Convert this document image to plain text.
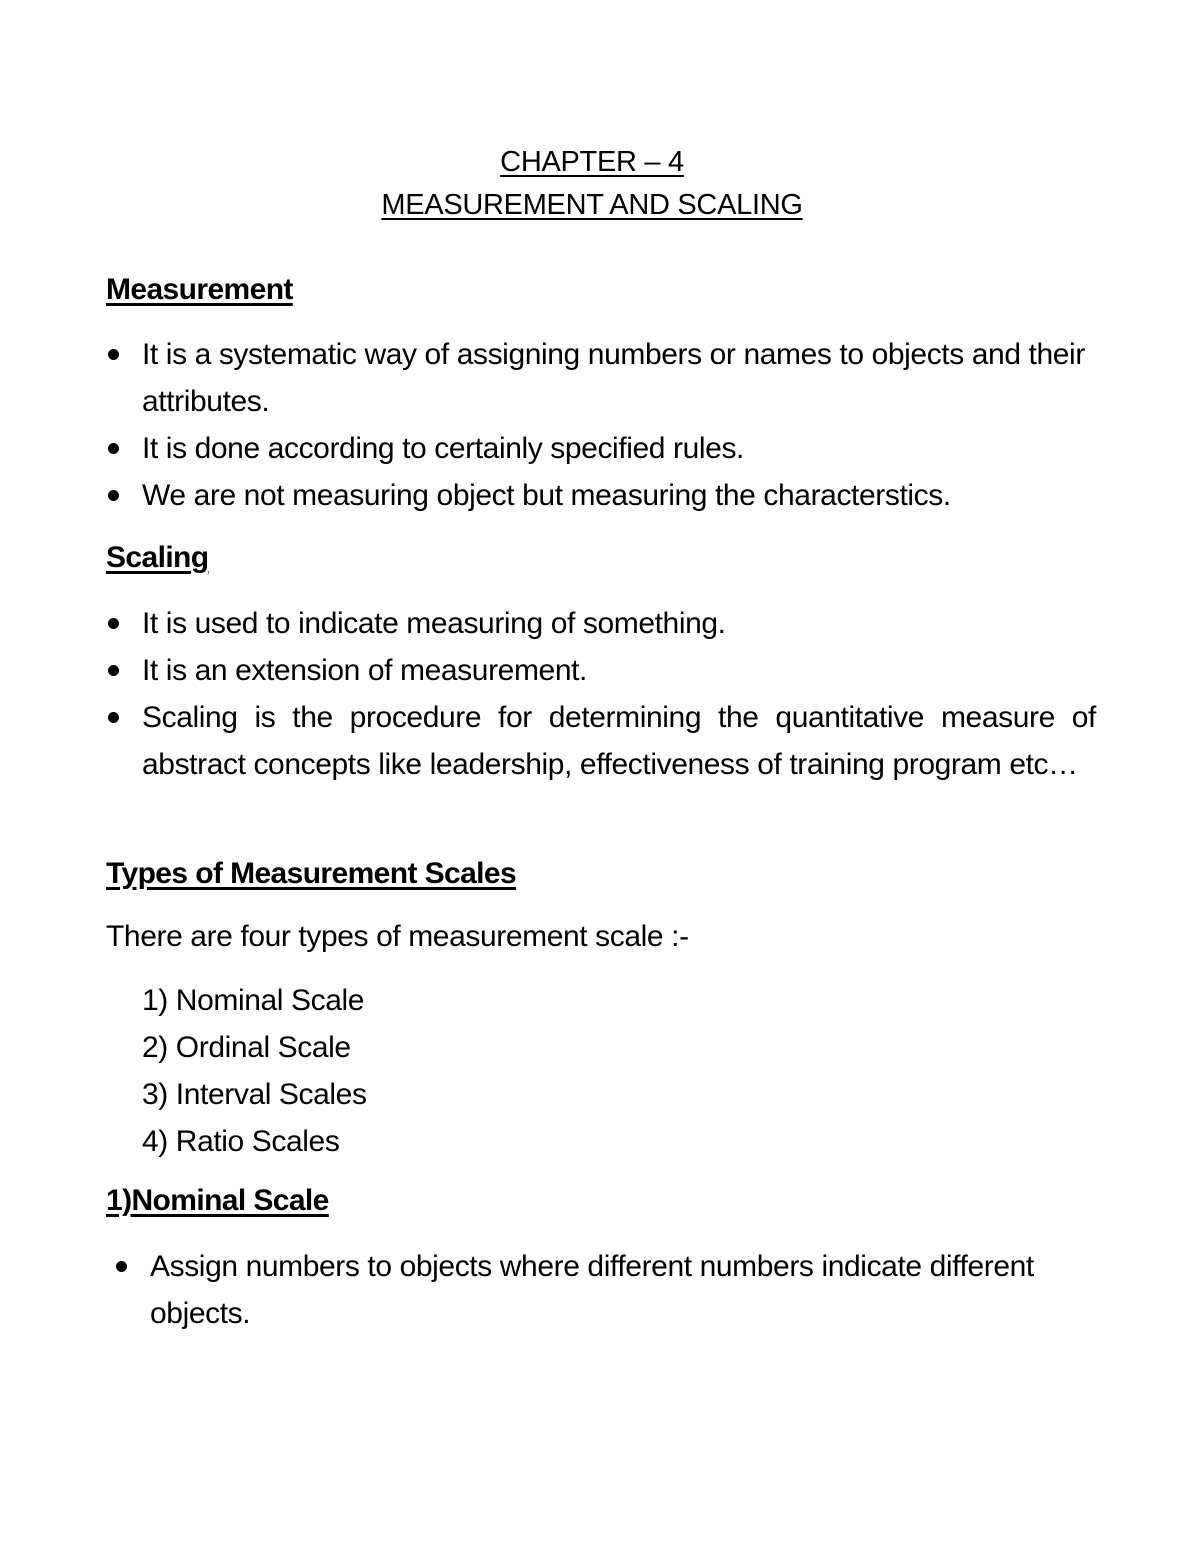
CHAPTER – 4
MEASUREMENT AND SCALING
Measurement
It is a systematic way of assigning numbers or names to objects and their attributes.
It is done according to certainly specified rules.
We are not measuring object but measuring the characterstics.
Scaling
It is used to indicate measuring of something.
It is an extension of measurement.
Scaling is the procedure for determining the quantitative measure of abstract concepts like leadership, effectiveness of training program etc…
Types of Measurement Scales
There are four types of measurement scale :-
1) Nominal Scale
2) Ordinal Scale
3) Interval Scales
4) Ratio Scales
1)Nominal Scale
Assign numbers to objects where different numbers indicate different objects.
